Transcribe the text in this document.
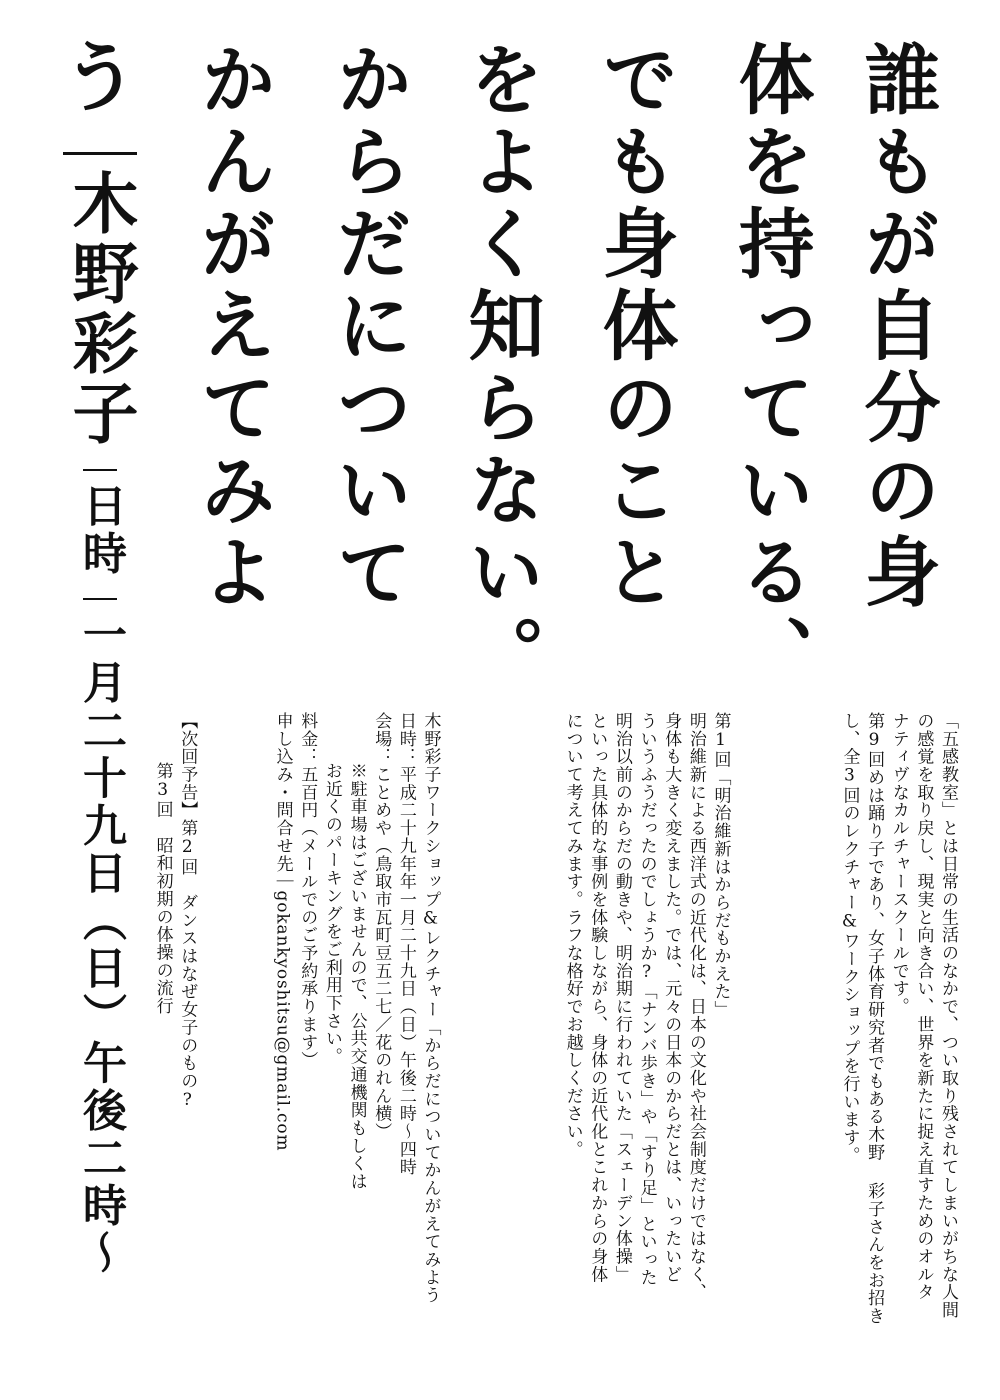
誰もが自分の身
体を持っている、
でも身体のこと
をよく知らない。
からだについて
かんがえてみよ
う
木野彩子
日時
一月二十九日（日）午後二時〜	「五感教室」とは日常の生活のなかで、つい取り残されてしまいがちな人間
の感覚を取り戻し、現実と向き合い、世界を新たに捉え直すためのオルタ
ナティヴなカルチャースクールです。
第9回めは踊り子であり、女子体育研究者でもある木野 彩子さんをお招き
し、全3回のレクチャー&ワークショップを行います。
第1回「明治維新はからだもかえた」
明治維新による西洋式の近代化は、日本の文化や社会制度だけではなく、
身体も大きく変えました。では、元々の日本のからだとは、いったいど
ういうふうだったのでしょうか?「ナンバ歩き」や「すり足」といった
明治以前のからだの動きや、明治期に行われていた「スェーデン体操」
といった具体的な事例を体験しながら、身体の近代化とこれからの身体
について考えてみます。ラフな格好でお越しください。
木野彩子ワークショップ&レクチャー「からだについてかんがえてみよう
日時：平成二十九年年一月二十九日（日）午後二時〜四時
会場：ことめや（鳥取市瓦町豆五二七／花のれん横）
※駐車場はございませんので、公共交通機関もしくは
お近くのパーキングをご利用下さい。
料金：五百円（メールでのご予約承ります）
申し込み・問合せ先｜gokankyoshitsu@gmail.com
【次回予告】第2回　ダンスはなぜ女子のもの?
第3回　昭和初期の体操の流行
